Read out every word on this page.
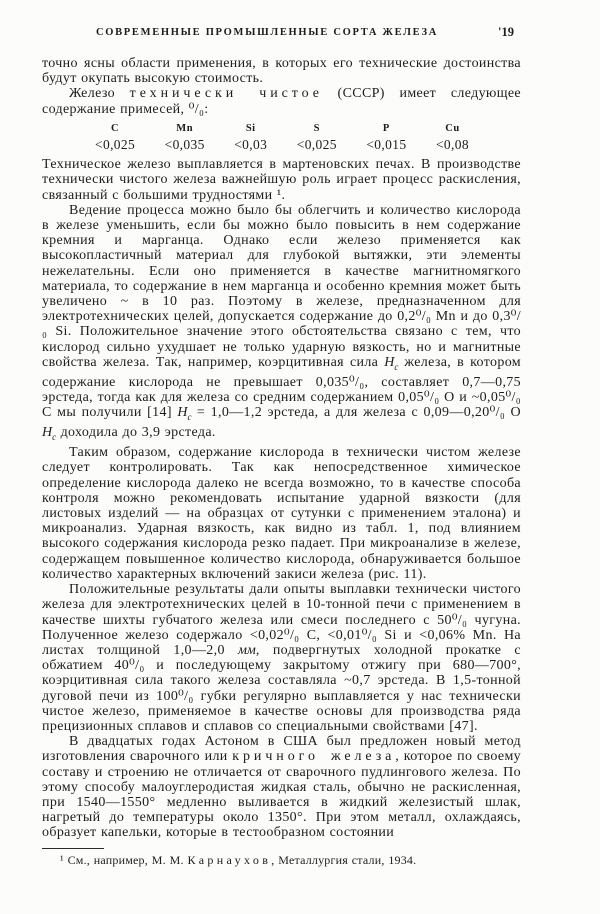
СОВРЕМЕННЫЕ ПРОМЫШЛЕННЫЕ СОРТА ЖЕЛЕЗА	'19

точно ясны области применения, в которых его технические достоинства будут окупать высокую стоимость.

Железо технически чистое (СССР) имеет следующее содержание примесей, ⁰/₀:

C
<0,025
Mn
<0,035
Si
<0,03
S
<0,025
P
<0,015
Cu
<0,08

Техническое железо выплавляется в мартеновских печах. В производстве технически чистого железа важнейшую роль играет процесс раскисления, связанный с большими трудностями ¹.

Ведение процесса можно было бы облегчить и количество кислорода в железе уменьшить, если бы можно было повысить в нем содержание кремния и марганца. Однако если железо применяется как высокопластичный материал для глубокой вытяжки, эти элементы нежелательны. Если оно применяется в качестве магнитномягкого материала, то содержание в нем марганца и особенно кремния может быть увеличено ~ в 10 раз. Поэтому в железе, предназначенном для электротехнических целей, допускается содержание до 0,2⁰/₀ Mn и до 0,3⁰/₀ Si. Положительное значение этого обстоятельства связано с тем, что кислород сильно ухудшает не только ударную вязкость, но и магнитные свойства железа. Так, например, коэрцитивная сила $H_c$ железа, в котором содержание кислорода не превышает 0,035⁰/₀, составляет 0,7—0,75 эрстеда, тогда как для железа со средним содержанием 0,05⁰/₀ О и ~0,05⁰/₀ С мы получили [14] $H_c$ = 1,0—1,2 эрстеда, а для железа с 0,09—0,20⁰/₀ О $H_c$ доходила до 3,9 эрстеда.

Таким образом, содержание кислорода в технически чистом железе следует контролировать. Так как непосредственное химическое определение кислорода далеко не всегда возможно, то в качестве способа контроля можно рекомендовать испытание ударной вязкости (для листовых изделий — на образцах от сутунки с применением эталона) и микроанализ. Ударная вязкость, как видно из табл. 1, под влиянием высокого содержания кислорода резко падает. При микроанализе в железе, содержащем повышенное количество кислорода, обнаруживается большое количество характерных включений закиси железа (рис. 11).

Положительные результаты дали опыты выплавки технически чистого железа для электротехнических целей в 10-тонной печи с применением в качестве шихты губчатого железа или смеси последнего с 50⁰/₀ чугуна. Полученное железо содержало <0,02⁰/₀ C, <0,01⁰/₀ Si и <0,06% Mn. На листах толщиной 1,0—2,0 мм, подвергнутых холодной прокатке с обжатием 40⁰/₀ и последующему закрытому отжигу при 680—700°, коэрцитивная сила такого железа составляла ~0,7 эрстеда. В 1,5-тонной дуговой печи из 100⁰/₀ губки регулярно выплавляется у нас технически чистое железо, применяемое в качестве основы для производства ряда прецизионных сплавов и сплавов со специальными свойствами [47].

В двадцатых годах Астоном в США был предложен новый метод изготовления сварочного или кричного железа, которое по своему составу и строению не отличается от сварочного пудлингового железа. По этому способу малоуглеродистая жидкая сталь, обычно не раскисленная, при 1540—1550° медленно выливается в жидкий железистый шлак, нагретый до температуры около 1350°. При этом металл, охлаждаясь, образует капельки, которые в тестообразном состоянии

¹ См., например, М. М. Карнаухов, Металлургия стали, 1934.
